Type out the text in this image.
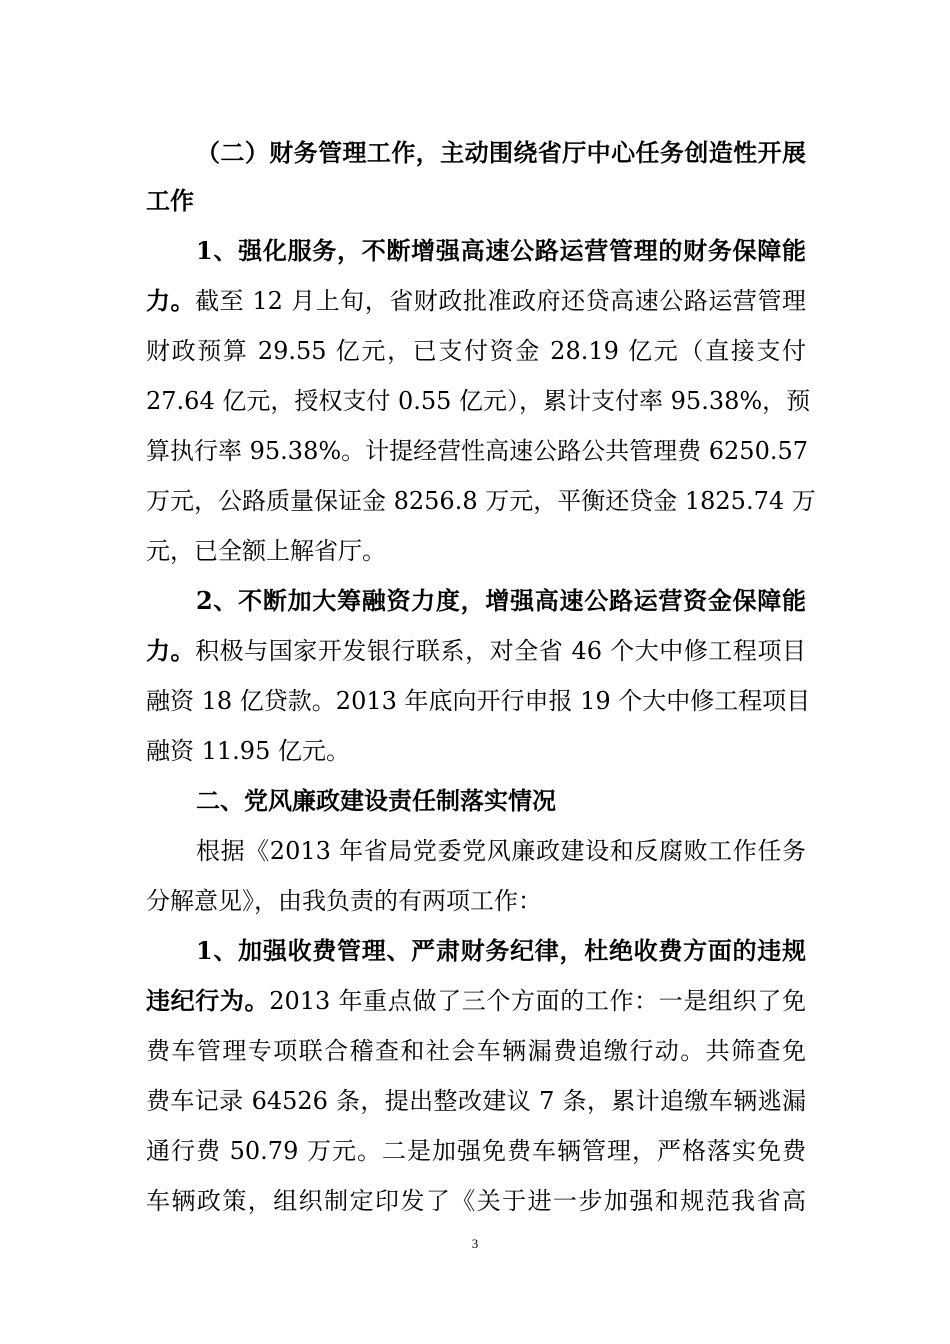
（二）财务管理工作，主动围绕省厅中心任务创造性开展
工作
1、强化服务，不断增强高速公路运营管理的财务保障能
力。截至 12 月上旬，省财政批准政府还贷高速公路运营管理
财政预算 29.55 亿元，已支付资金 28.19 亿元（直接支付
27.64 亿元，授权支付 0.55 亿元），累计支付率 95.38%，预
算执行率 95.38%。计提经营性高速公路公共管理费 6250.57
万元，公路质量保证金 8256.8 万元，平衡还贷金 1825.74 万
元，已全额上解省厅。
2、不断加大筹融资力度，增强高速公路运营资金保障能
力。积极与国家开发银行联系，对全省 46 个大中修工程项目
融资 18 亿贷款。2013 年底向开行申报 19 个大中修工程项目
融资 11.95 亿元。
二、党风廉政建设责任制落实情况
根据《2013 年省局党委党风廉政建设和反腐败工作任务
分解意见》，由我负责的有两项工作：
1、加强收费管理、严肃财务纪律，杜绝收费方面的违规
违纪行为。2013 年重点做了三个方面的工作：一是组织了免
费车管理专项联合稽查和社会车辆漏费追缴行动。共筛查免
费车记录 64526 条，提出整改建议 7 条，累计追缴车辆逃漏
通行费 50.79 万元。二是加强免费车辆管理，严格落实免费
车辆政策，组织制定印发了《关于进一步加强和规范我省高
3
